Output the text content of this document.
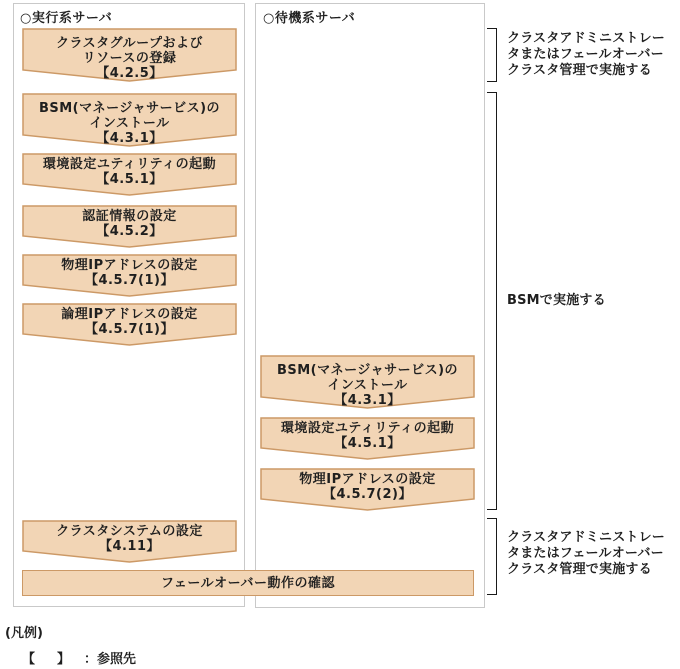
○実行系サーバ	○待機系サーバ
クラスタグループおよび
リソースの登録
【4.2.5】
BSM(マネージャサービス)の
インストール
【4.3.1】
環境設定ユティリティの起動
【4.5.1】
認証情報の設定
【4.5.2】
物理IPアドレスの設定
【4.5.7(1)】
論理IPアドレスの設定
【4.5.7(1)】
BSM(マネージャサービス)の
インストール
【4.3.1】
環境設定ユティリティの起動
【4.5.1】
物理IPアドレスの設定
【4.5.7(2)】
クラスタシステムの設定
【4.11】
フェールオーバー動作の確認
クラスタアドミニストレー
タまたはフェールオーバー
クラスタ管理で実施する
BSMで実施する
クラスタアドミニストレー
タまたはフェールオーバー
クラスタ管理で実施する
(凡例)
【 】 ：参照先
